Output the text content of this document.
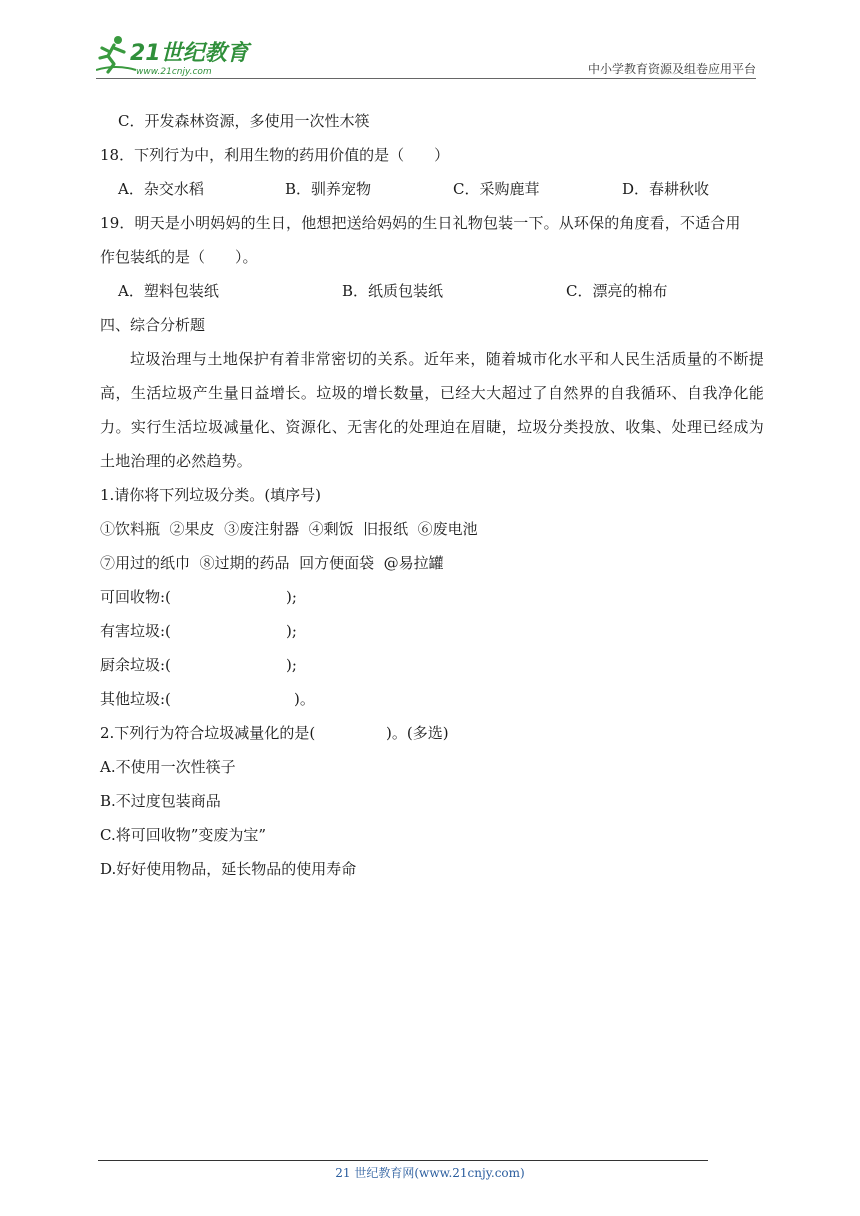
21世纪教育
www.21cnjy.com	中小学教育资源及组卷应用平台
C．开发森林资源，多使用一次性木筷
18．下列行为中，利用生物的药用价值的是（　　）
A．杂交水稻	B．驯养宠物	C．采购鹿茸	D．春耕秋收
19．明天是小明妈妈的生日，他想把送给妈妈的生日礼物包装一下。从环保的角度看，不适合用
作包装纸的是（　　）。
A．塑料包装纸	B．纸质包装纸	C．漂亮的棉布
四、综合分析题
垃圾治理与土地保护有着非常密切的关系。近年来，随着城市化水平和人民生活质量的不断提高，生活垃圾产生量日益增长。垃圾的增长数量，已经大大超过了自然界的自我循环、自我净化能力。实行生活垃圾减量化、资源化、无害化的处理迫在眉睫，垃圾分类投放、收集、处理已经成为土地治理的必然趋势。
1.请你将下列垃圾分类。(填序号)
①饮料瓶  ②果皮  ③废注射器  ④剩饭  旧报纸  ⑥废电池
⑦用过的纸巾  ⑧过期的药品  回方便面袋  @易拉罐
可回收物:(	);
有害垃圾:(	);
厨余垃圾:(	);
其他垃圾:(	)。
2.下列行为符合垃圾减量化的是(	)。(多选)
A.不使用一次性筷子
B.不过度包装商品
C.将可回收物”变废为宝”
D.好好使用物品，延长物品的使用寿命
21 世纪教育网(www.21cnjy.com)
